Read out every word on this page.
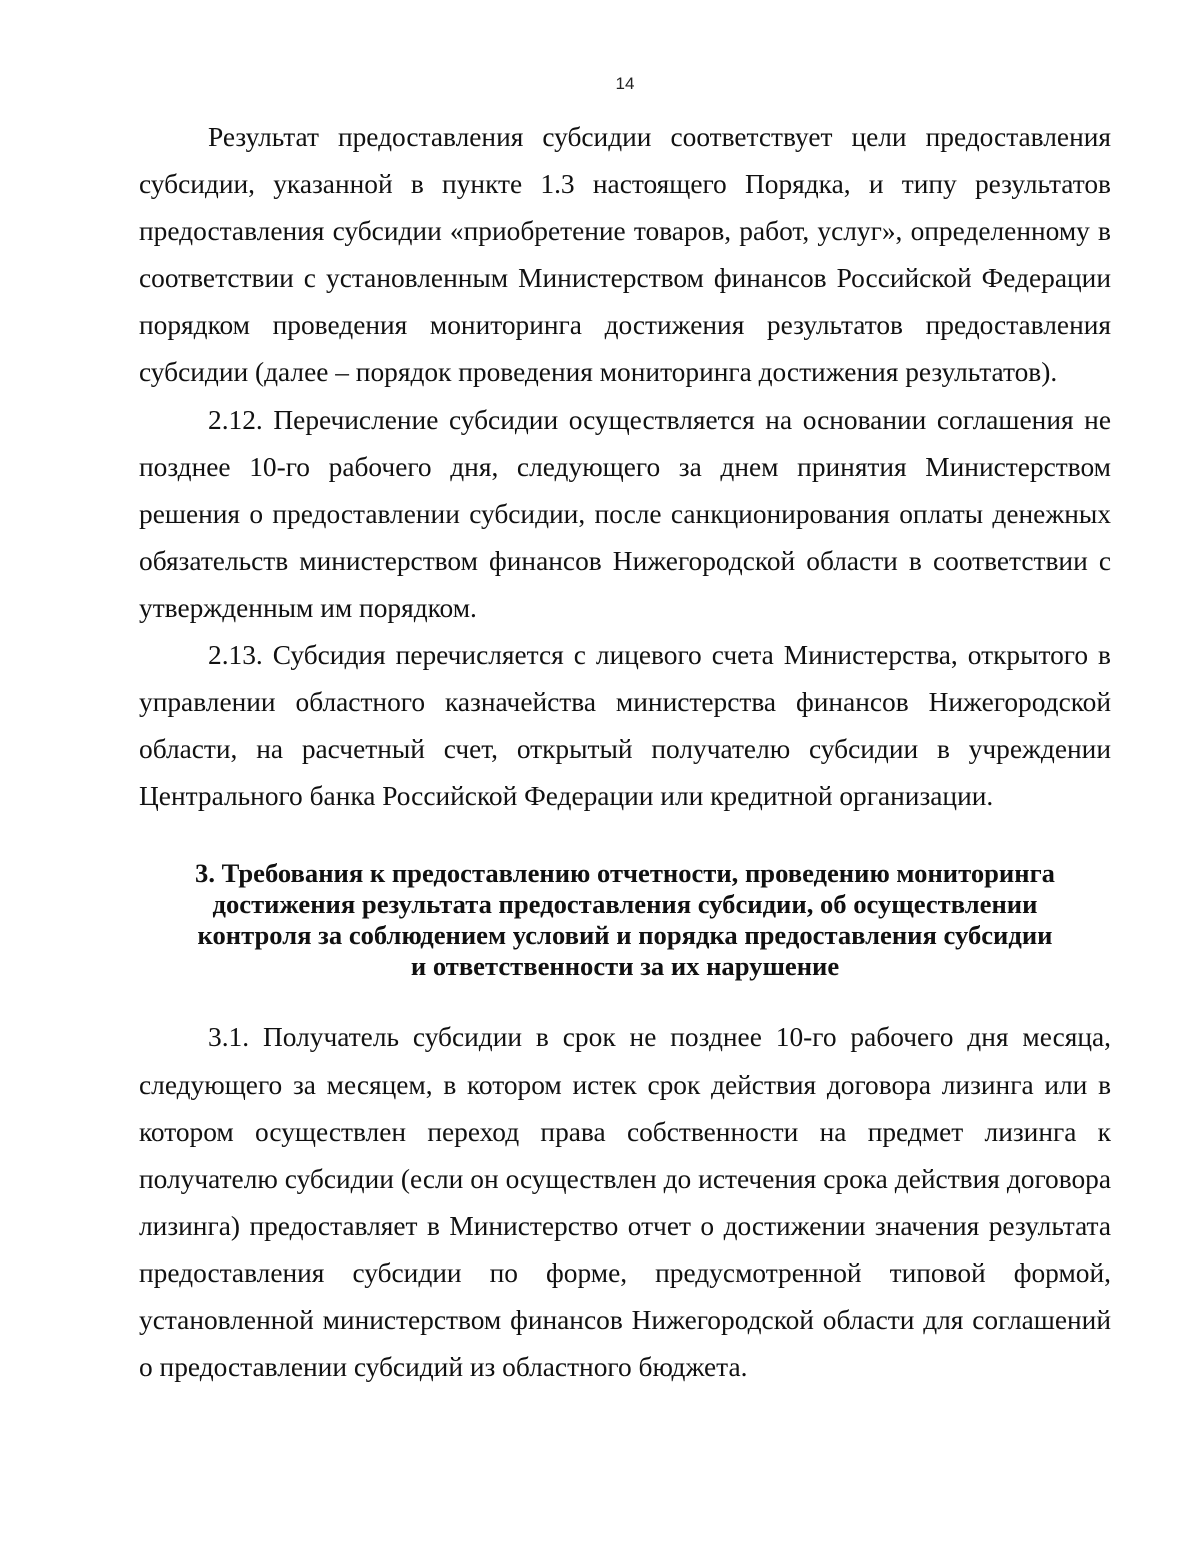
14

Результат предоставления субсидии соответствует цели предоставления субсидии, указанной в пункте 1.3 настоящего Порядка, и типу результатов предоставления субсидии «приобретение товаров, работ, услуг», определенному в соответствии с установленным Министерством финансов Российской Федерации порядком проведения мониторинга достижения результатов предоставления субсидии (далее – порядок проведения мониторинга достижения результатов).

2.12. Перечисление субсидии осуществляется на основании соглашения не позднее 10-го рабочего дня, следующего за днем принятия Министерством решения о предоставлении субсидии, после санкционирования оплаты денежных обязательств министерством финансов Нижегородской области в соответствии с утвержденным им порядком.

2.13. Субсидия перечисляется с лицевого счета Министерства, открытого в управлении областного казначейства министерства финансов Нижегородской области, на расчетный счет, открытый получателю субсидии в учреждении Центрального банка Российской Федерации или кредитной организации.

3. Требования к предоставлению отчетности, проведению мониторинга
достижения результата предоставления субсидии, об осуществлении
контроля за соблюдением условий и порядка предоставления субсидии
и ответственности за их нарушение

3.1. Получатель субсидии в срок не позднее 10-го рабочего дня месяца, следующего за месяцем, в котором истек срок действия договора лизинга или в котором осуществлен переход права собственности на предмет лизинга к получателю субсидии (если он осуществлен до истечения срока действия договора лизинга) предоставляет в Министерство отчет о достижении значения результата предоставления субсидии по форме, предусмотренной типовой формой, установленной министерством финансов Нижегородской области для соглашений о предоставлении субсидий из областного бюджета.
